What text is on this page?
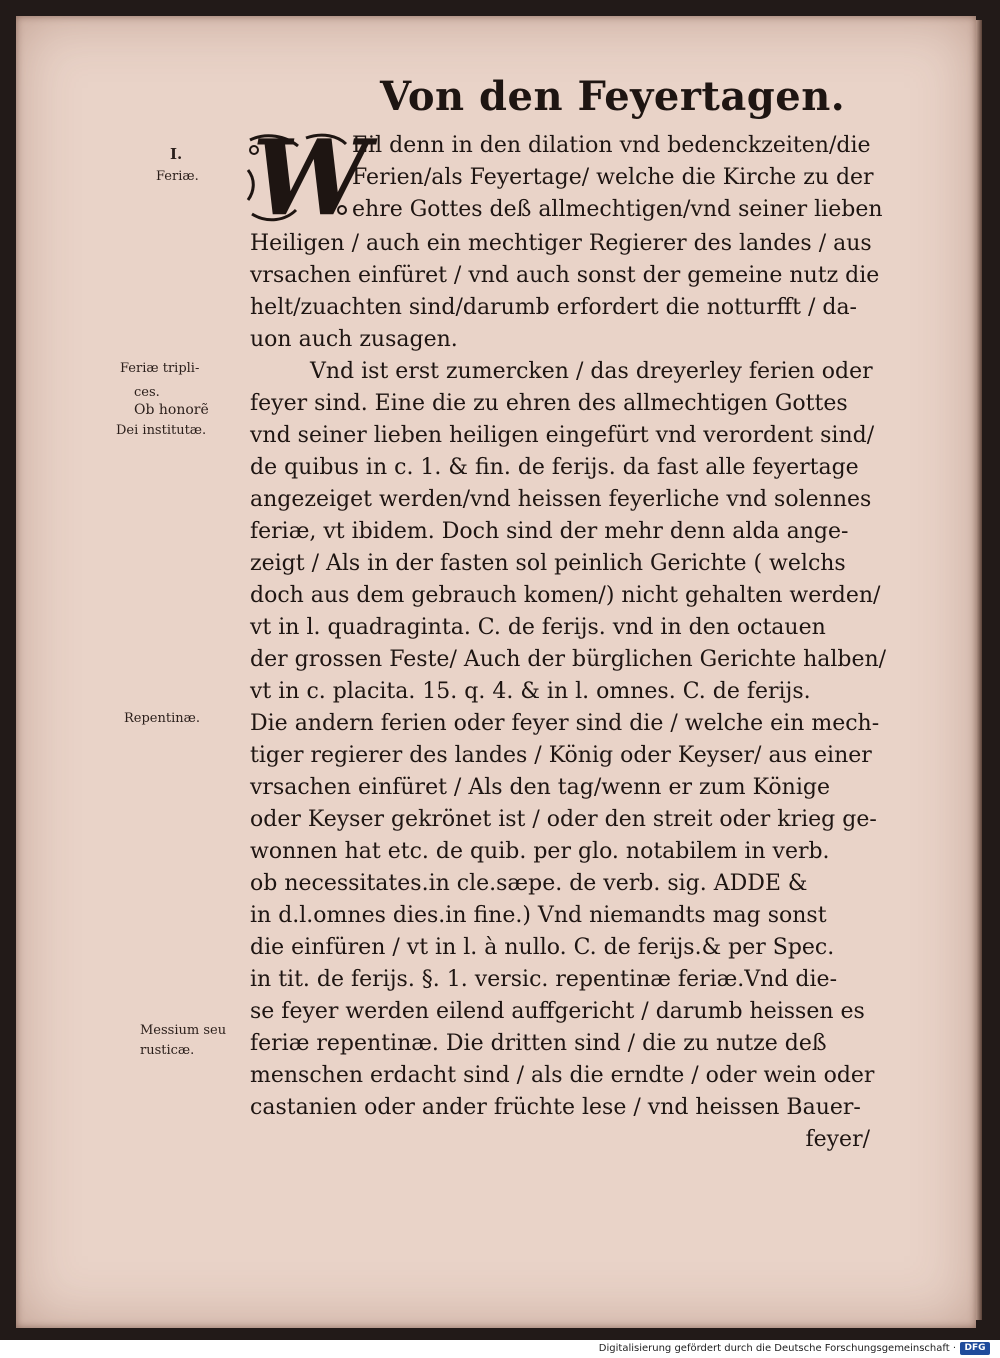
Von den Feyertagen.
I.
Feriæ.
Feriæ tripli-
ces.
Ob honorẽ
Dei institutæ.
Repentinæ.
Messium seu
rusticæ.
W
Eil denn in den dilation vnd bedenckzeiten/die
Ferien/als Feyertage/ welche die Kirche zu der
ehre Gottes deß allmechtigen/vnd seiner lieben
Heiligen / auch ein mechtiger Regierer des landes / aus
vrsachen einfüret / vnd auch sonst der gemeine nutz die
helt/zuachten sind/darumb erfordert die notturfft / da-
uon auch zusagen.
Vnd ist erst zumercken / das dreyerley ferien oder
feyer sind. Eine die zu ehren des allmechtigen Gottes
vnd seiner lieben heiligen eingefürt vnd verordent sind/
de quibus in c. 1. & fin. de ferijs. da fast alle feyertage
angezeiget werden/vnd heissen feyerliche vnd solennes
feriæ, vt ibidem. Doch sind der mehr denn alda ange-
zeigt / Als in der fasten sol peinlich Gerichte ( welchs
doch aus dem gebrauch komen/) nicht gehalten werden/
vt in l. quadraginta. C. de ferijs. vnd in den octauen
der grossen Feste/ Auch der bürglichen Gerichte halben/
vt in c. placita. 15. q. 4. & in l. omnes. C. de ferijs.
Die andern ferien oder feyer sind die / welche ein mech-
tiger regierer des landes / König oder Keyser/ aus einer
vrsachen einfüret / Als den tag/wenn er zum Könige
oder Keyser gekrönet ist / oder den streit oder krieg ge-
wonnen hat etc. de quib. per glo. notabilem in verb.
ob necessitates.in cle.sæpe. de verb. sig. ADDE &
in d.l.omnes dies.in fine.) Vnd niemandts mag sonst
die einfüren / vt in l. à nullo. C. de ferijs.& per Spec.
in tit. de ferijs. §. 1. versic. repentinæ feriæ.Vnd die-
se feyer werden eilend auffgericht / darumb heissen es
feriæ repentinæ. Die dritten sind / die zu nutze deß
menschen erdacht sind / als die erndte / oder wein oder
castanien oder ander früchte lese / vnd heissen Bauer-
feyer/
Digitalisierung gefördert durch die Deutsche Forschungsgemeinschaft · DFG
